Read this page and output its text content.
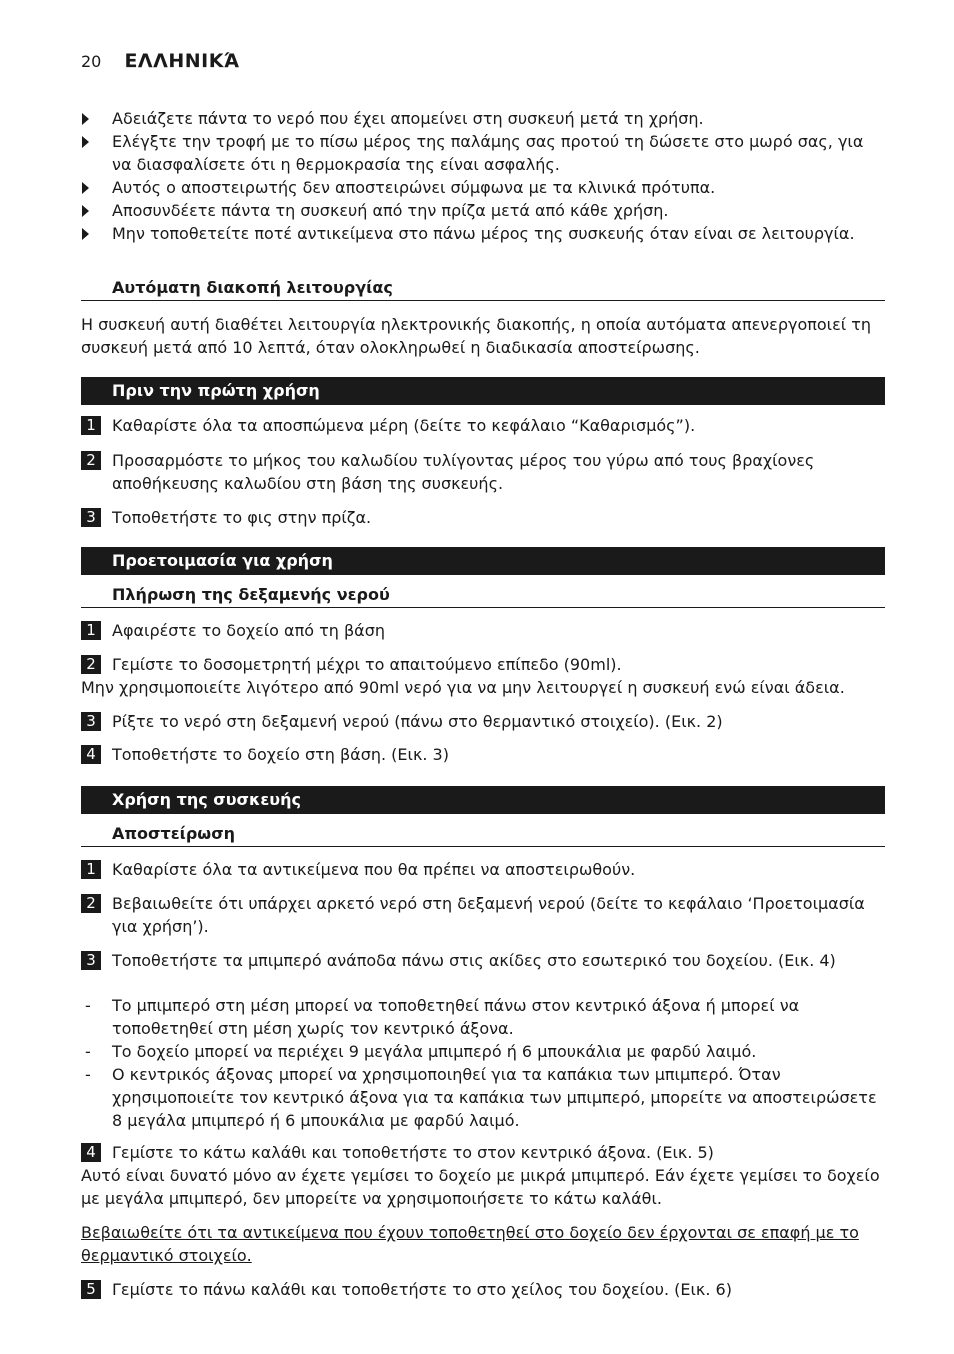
20 ΕΛΛΗΝΙΚΆ
Αδειάζετε πάντα το νερό που έχει απομείνει στη συσκευή μετά τη χρήση.
Ελέγξτε την τροφή με το πίσω μέρος της παλάμης σας προτού τη δώσετε στο μωρό σας, για να διασφαλίσετε ότι η θερμοκρασία της είναι ασφαλής.
Αυτός ο αποστειρωτής δεν αποστειρώνει σύμφωνα με τα κλινικά πρότυπα.
Αποσυνδέετε πάντα τη συσκευή από την πρίζα μετά από κάθε χρήση.
Μην τοποθετείτε ποτέ αντικείμενα στο πάνω μέρος της συσκευής όταν είναι σε λειτουργία.
Αυτόματη διακοπή λειτουργίας
Η συσκευή αυτή διαθέτει λειτουργία ηλεκτρονικής διακοπής, η οποία αυτόματα απενεργοποιεί τη συσκευή μετά από 10 λεπτά, όταν ολοκληρωθεί η διαδικασία αποστείρωσης.
Πριν την πρώτη χρήση
1	Καθαρίστε όλα τα αποσπώμενα μέρη (δείτε το κεφάλαιο “Καθαρισμός”).
2	Προσαρμόστε το μήκος του καλωδίου τυλίγοντας μέρος του γύρω από τους βραχίονες αποθήκευσης καλωδίου στη βάση της συσκευής.
3	Τοποθετήστε το φις στην πρίζα.
Προετοιμασία για χρήση
Πλήρωση της δεξαμενής νερού
1	Αφαιρέστε το δοχείο από τη βάση
2	Γεμίστε το δοσομετρητή μέχρι το απαιτούμενο επίπεδο (90ml).
Μην χρησιμοποιείτε λιγότερο από 90ml νερό για να μην λειτουργεί η συσκευή ενώ είναι άδεια.
3	Ρίξτε το νερό στη δεξαμενή νερού (πάνω στο θερμαντικό στοιχείο). (Εικ. 2)
4	Τοποθετήστε το δοχείο στη βάση. (Εικ. 3)
Χρήση της συσκευής
Αποστείρωση
1	Καθαρίστε όλα τα αντικείμενα που θα πρέπει να αποστειρωθούν.
2	Βεβαιωθείτε ότι υπάρχει αρκετό νερό στη δεξαμενή νερού (δείτε το κεφάλαιο ‘Προετοιμασία για χρήση’).
3	Τοποθετήστε τα μπιμπερό ανάποδα πάνω στις ακίδες στο εσωτερικό του δοχείου. (Εικ. 4)
-	Το μπιμπερό στη μέση μπορεί να τοποθετηθεί πάνω στον κεντρικό άξονα ή μπορεί να τοποθετηθεί στη μέση χωρίς τον κεντρικό άξονα.
-	Το δοχείο μπορεί να περιέχει 9 μεγάλα μπιμπερό ή 6 μπουκάλια με φαρδύ λαιμό.
-	Ο κεντρικός άξονας μπορεί να χρησιμοποιηθεί για τα καπάκια των μπιμπερό. Όταν χρησιμοποιείτε τον κεντρικό άξονα για τα καπάκια των μπιμπερό, μπορείτε να αποστειρώσετε 8 μεγάλα μπιμπερό ή 6 μπουκάλια με φαρδύ λαιμό.
4	Γεμίστε το κάτω καλάθι και τοποθετήστε το στον κεντρικό άξονα. (Εικ. 5)
Αυτό είναι δυνατό μόνο αν έχετε γεμίσει το δοχείο με μικρά μπιμπερό. Εάν έχετε γεμίσει το δοχείο με μεγάλα μπιμπερό, δεν μπορείτε να χρησιμοποιήσετε το κάτω καλάθι.
Βεβαιωθείτε ότι τα αντικείμενα που έχουν τοποθετηθεί στο δοχείο δεν έρχονται σε επαφή με το θερμαντικό στοιχείο.
5	Γεμίστε το πάνω καλάθι και τοποθετήστε το στο χείλος του δοχείου. (Εικ. 6)
